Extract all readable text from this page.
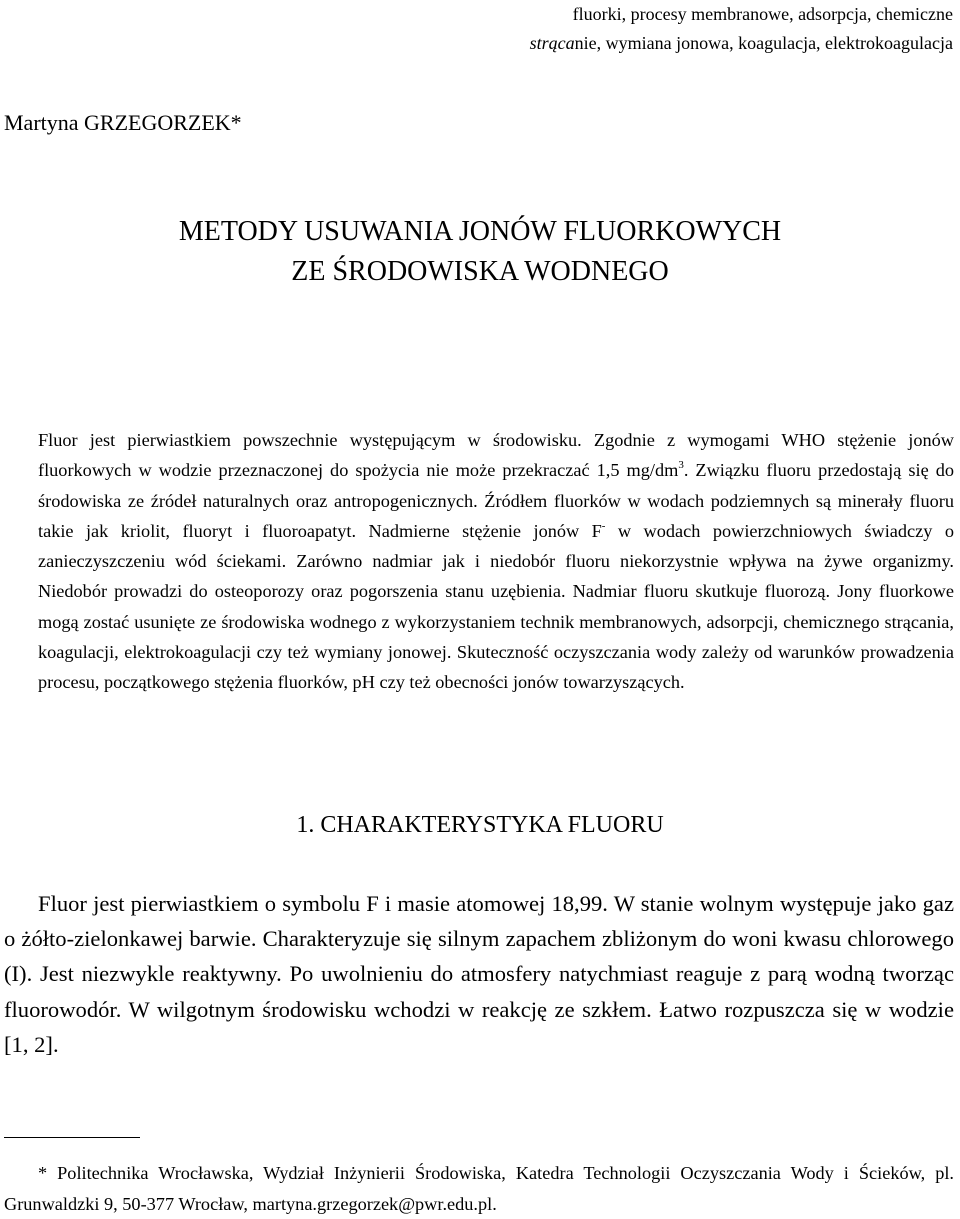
fluorki, procesy membranowe, adsorpcja, chemiczne
strącanie, wymiana jonowa, koagulacja, elektrokoagulacja
Martyna GRZEGORZEK*
METODY USUWANIA JONÓW FLUORKOWYCH
ZE ŚRODOWISKA WODNEGO
Fluor jest pierwiastkiem powszechnie występującym w środowisku. Zgodnie z wymogami WHO stężenie jonów fluorkowych w wodzie przeznaczonej do spożycia nie może przekraczać 1,5 $mg/dm^3$. Związku fluoru przedostają się do środowiska ze źródeł naturalnych oraz antropogenicznych. Źródłem fluorków w wodach podziemnych są minerały fluoru takie jak kriolit, fluoryt i fluoroapatyt. Nadmierne stężenie jonów F- w wodach powierzchniowych świadczy o zanieczyszczeniu wód ściekami. Zarówno nadmiar jak i niedobór fluoru niekorzystnie wpływa na żywe organizmy. Niedobór prowadzi do osteoporozy oraz pogorszenia stanu uzębienia. Nadmiar fluoru skutkuje fluorozą. Jony fluorkowe mogą zostać usunięte ze środowiska wodnego z wykorzystaniem technik membranowych, adsorpcji, chemicznego strącania, koagulacji, elektrokoagulacji czy też wymiany jonowej. Skuteczność oczyszczania wody zależy od warunków prowadzenia procesu, początkowego stężenia fluorków, pH czy też obecności jonów towarzyszących.
1. CHARAKTERYSTYKA FLUORU
Fluor jest pierwiastkiem o symbolu F i masie atomowej 18,99. W stanie wolnym występuje jako gaz o żółto-zielonkawej barwie. Charakteryzuje się silnym zapachem zbliżonym do woni kwasu chlorowego (I). Jest niezwykle reaktywny. Po uwolnieniu do atmosfery natychmiast reaguje z parą wodną tworząc fluorowodór. W wilgotnym środowisku wchodzi w reakcję ze szkłem. Łatwo rozpuszcza się w wodzie [1, 2].
* Politechnika Wrocławska, Wydział Inżynierii Środowiska, Katedra Technologii Oczyszczania Wody i Ścieków, pl. Grunwaldzki 9, 50-377 Wrocław, martyna.grzegorzek@pwr.edu.pl.
